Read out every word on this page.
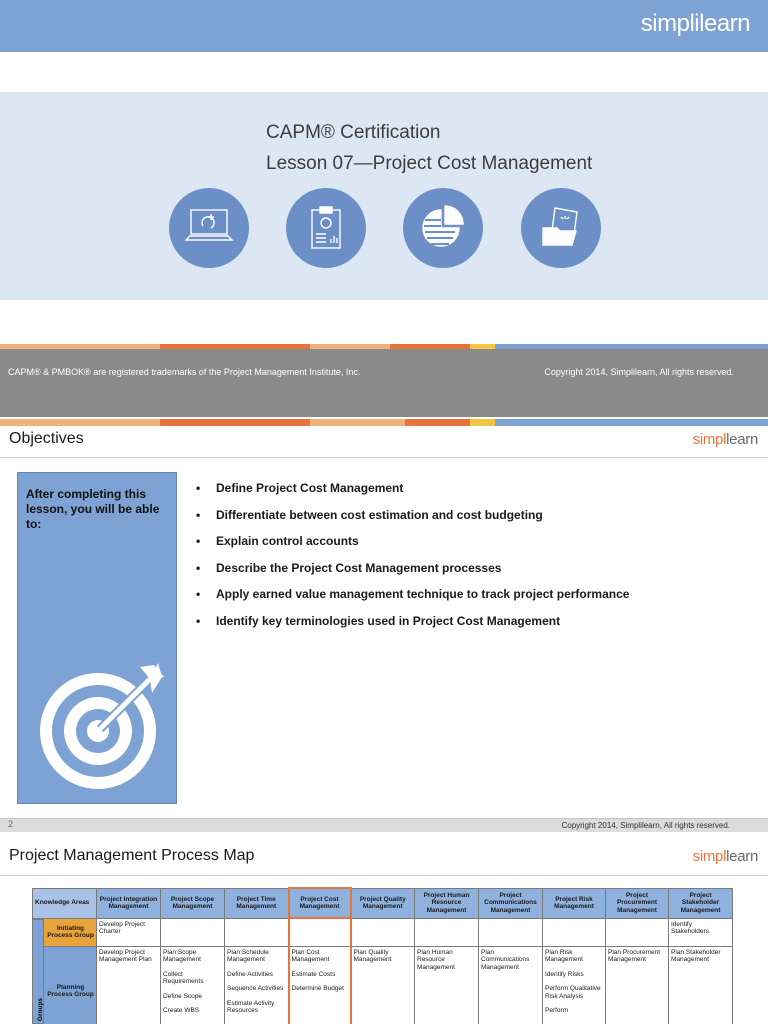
simplilearn
CAPM® Certification
Lesson 07—Project Cost Management
CAPM® & PMBOK® are registered trademarks of the Project Management Institute, Inc.	Copyright 2014, Simplilearn, All rights reserved.
Objectives	simpllearn
After completing this lesson, you will be able to:
• Define Project Cost Management
• Differentiate between cost estimation and cost budgeting
• Explain control accounts
• Describe the Project Cost Management processes
• Apply earned value management technique to track project performance
• Identify key terminologies used in Project Cost Management
2	Copyright 2014, Simplilearn, All rights reserved.
Project Management Process Map	simpllearn
Knowledge Areas	Project Integration Management	Project Scope Management	Project Time Management	Project Cost Management	Project Quality Management	Project Human Resource Management	Project Communications Management	Project Risk Management	Project Procurement Management	Project Stakeholder Management
Initiating Process Group	Develop Project Charter									Identify Stakeholders
Planning Process Group	Develop Project Management Plan	Plan Scope Management
Collect Requirements
Define Scope
Create WBS	Plan Schedule Management
Define Activities
Sequence Activities
Estimate Activity Resources	Plan Cost Management
Estimate Costs
Determine Budget	Plan Quality Management	Plan Human Resource Management	Plan Communications Management	Plan Risk Management
Identify Risks
Perform Qualitative Risk Analysis
Perform	Plan Procurement Management	Plan Stakeholder Management
Groups
